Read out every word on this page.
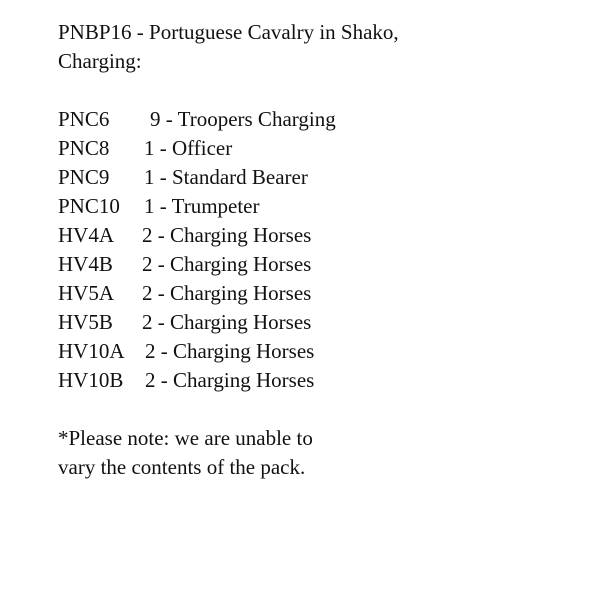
PNBP16 - Portuguese Cavalry in Shako,
Charging:
PNC6	9 - Troopers Charging
PNC8	1 - Officer
PNC9	1 - Standard Bearer
PNC10	1 - Trumpeter
HV4A	2 - Charging Horses
HV4B	2 - Charging Horses
HV5A	2 - Charging Horses
HV5B	2 - Charging Horses
HV10A 2 - Charging Horses
HV10B	2 - Charging Horses
*Please note: we are unable to
vary the contents of the pack.
